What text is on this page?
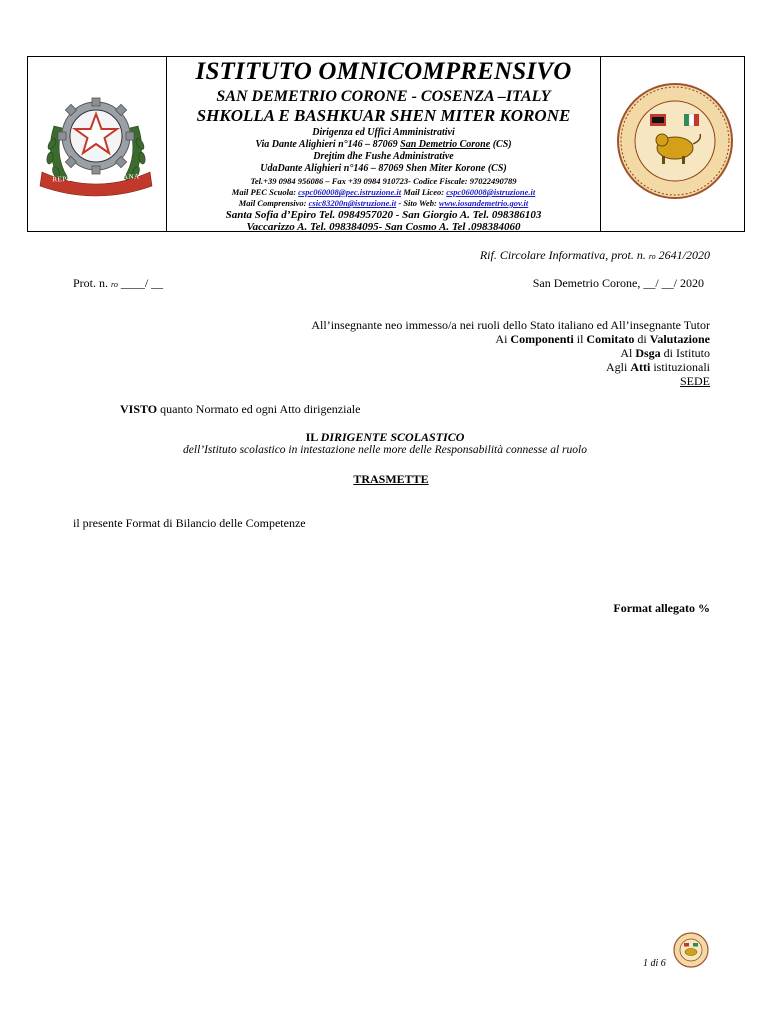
REPUBBLICA ITALIANA
ISTITUTO OMNICOMPRENSIVO
SAN DEMETRIO CORONE - COSENZA –ITALY
SHKOLLA E BASHKUAR SHEN MITER KORONE
Dirigenza ed Uffici Amministrativi
Via Dante Alighieri n°146 – 87069 San Demetrio Corone (CS)
Drejtim dhe Fushe Administrative
UdaDante Alighieri n°146 – 87069 Shen Miter Korone (CS)
Tel.+39 0984 956086 – Fax +39 0984 910723- Codice Fiscale: 97022490789
Mail PEC Scuola: cspc060008@pec.istruzione.it Mail Liceo: cspc060008@istruzione.it
Mail Comprensivo: csic83200n@istruzione.it - Sito Web: www.iosandemetrio.gov.it
Santa Sofia d’Epiro Tel. 0984957020 - San Giorgio A. Tel. 098386103
Vaccarizzo A. Tel. 098384095- San Cosmo A. Tel .098384060
Rif. Circolare Informativa, prot. n. ro 2641/2020
Prot. n. ro ____/ __	San Demetrio Corone, __/ __/ 2020
All’insegnante neo immesso/a nei ruoli dello Stato italiano ed All’insegnante Tutor
Ai Componenti il Comitato di Valutazione
Al Dsga di Istituto
Agli Atti istituzionali
SEDE
VISTO quanto Normato ed ogni Atto dirigenziale
IL DIRIGENTE SCOLASTICO
dell’Istituto scolastico in intestazione nelle more delle Responsabilità connesse al ruolo
TRASMETTE
il presente Format di Bilancio delle Competenze
Format allegato %
1 di 6
